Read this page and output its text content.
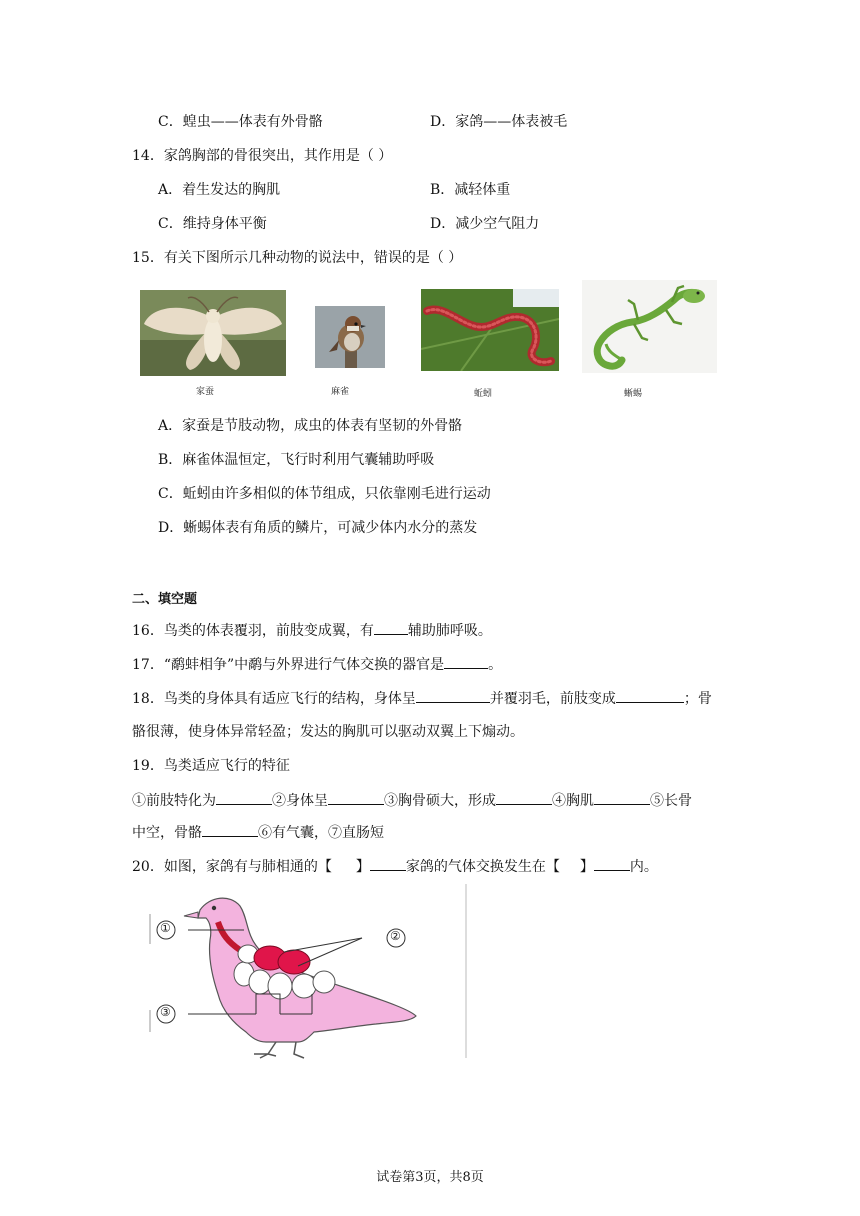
C．蝗虫——体表有外骨骼	D．家鸽——体表被毛
14．家鸽胸部的骨很突出，其作用是（ ）
A．着生发达的胸肌	B．减轻体重
C．维持身体平衡	D．减少空气阻力
15．有关下图所示几种动物的说法中，错误的是（ ）
家蚕	麻雀	蚯蚓	蜥蜴
A．家蚕是节肢动物，成虫的体表有坚韧的外骨骼
B．麻雀体温恒定，飞行时利用气囊辅助呼吸
C．蚯蚓由许多相似的体节组成，只依靠刚毛进行运动
D．蜥蜴体表有角质的鳞片，可减少体内水分的蒸发
二、填空题
16．鸟类的体表覆羽，前肢变成翼，有 辅助肺呼吸。
17．“鹬蚌相争”中鹬与外界进行气体交换的器官是	。
18．鸟类的身体具有适应飞行的结构，身体呈	并覆羽毛，前肢变成	；骨
骼很薄，使身体异常轻盈；发达的胸肌可以驱动双翼上下煽动。
19．鸟类适应飞行的特征
①前肢特化为	②身体呈	③胸骨硕大，形成	④胸肌	⑤长骨
中空，骨骼	⑥有气囊，⑦直肠短
20．如图，家鸽有与肺相通的【 】	家鸽的气体交换发生在【 】	内。
①
②
③
试卷第3页，共8页
